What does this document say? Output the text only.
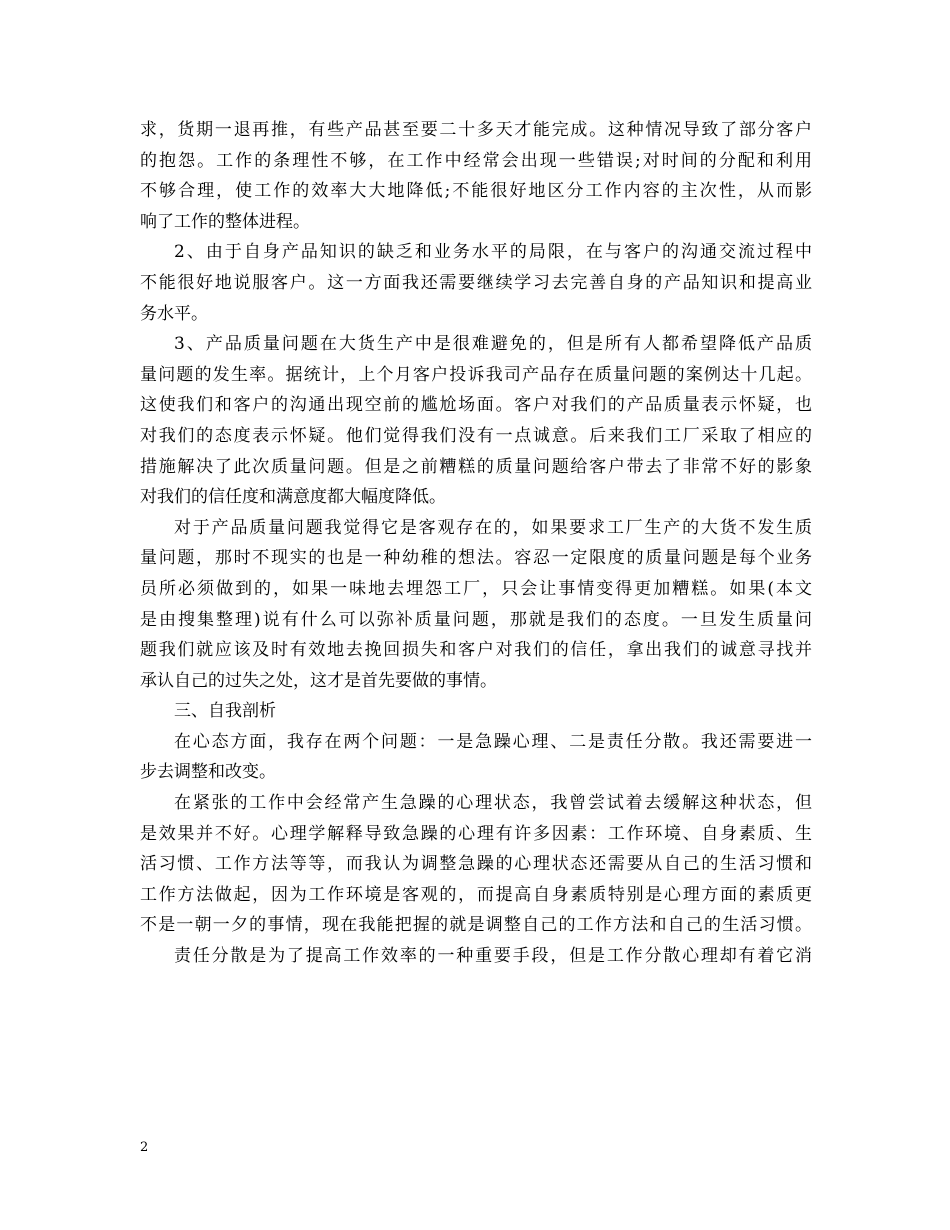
求，货期一退再推，有些产品甚至要二十多天才能完成。这种情况导致了部分客户
的抱怨。工作的条理性不够，在工作中经常会出现一些错误;对时间的分配和利用
不够合理，使工作的效率大大地降低;不能很好地区分工作内容的主次性，从而影
响了工作的整体进程。
2、由于自身产品知识的缺乏和业务水平的局限，在与客户的沟通交流过程中
不能很好地说服客户。这一方面我还需要继续学习去完善自身的产品知识和提高业
务水平。
3、产品质量问题在大货生产中是很难避免的，但是所有人都希望降低产品质
量问题的发生率。据统计，上个月客户投诉我司产品存在质量问题的案例达十几起。
这使我们和客户的沟通出现空前的尴尬场面。客户对我们的产品质量表示怀疑，也
对我们的态度表示怀疑。他们觉得我们没有一点诚意。后来我们工厂采取了相应的
措施解决了此次质量问题。但是之前糟糕的质量问题给客户带去了非常不好的影象
对我们的信任度和满意度都大幅度降低。
对于产品质量问题我觉得它是客观存在的，如果要求工厂生产的大货不发生质
量问题，那时不现实的也是一种幼稚的想法。容忍一定限度的质量问题是每个业务
员所必须做到的，如果一味地去埋怨工厂，只会让事情变得更加糟糕。如果(本文
是由搜集整理)说有什么可以弥补质量问题，那就是我们的态度。一旦发生质量问
题我们就应该及时有效地去挽回损失和客户对我们的信任，拿出我们的诚意寻找并
承认自己的过失之处，这才是首先要做的事情。
三、自我剖析
在心态方面，我存在两个问题：一是急躁心理、二是责任分散。我还需要进一
步去调整和改变。
在紧张的工作中会经常产生急躁的心理状态，我曾尝试着去缓解这种状态，但
是效果并不好。心理学解释导致急躁的心理有许多因素：工作环境、自身素质、生
活习惯、工作方法等等，而我认为调整急躁的心理状态还需要从自己的生活习惯和
工作方法做起，因为工作环境是客观的，而提高自身素质特别是心理方面的素质更
不是一朝一夕的事情，现在我能把握的就是调整自己的工作方法和自己的生活习惯。
责任分散是为了提高工作效率的一种重要手段，但是工作分散心理却有着它消
2
